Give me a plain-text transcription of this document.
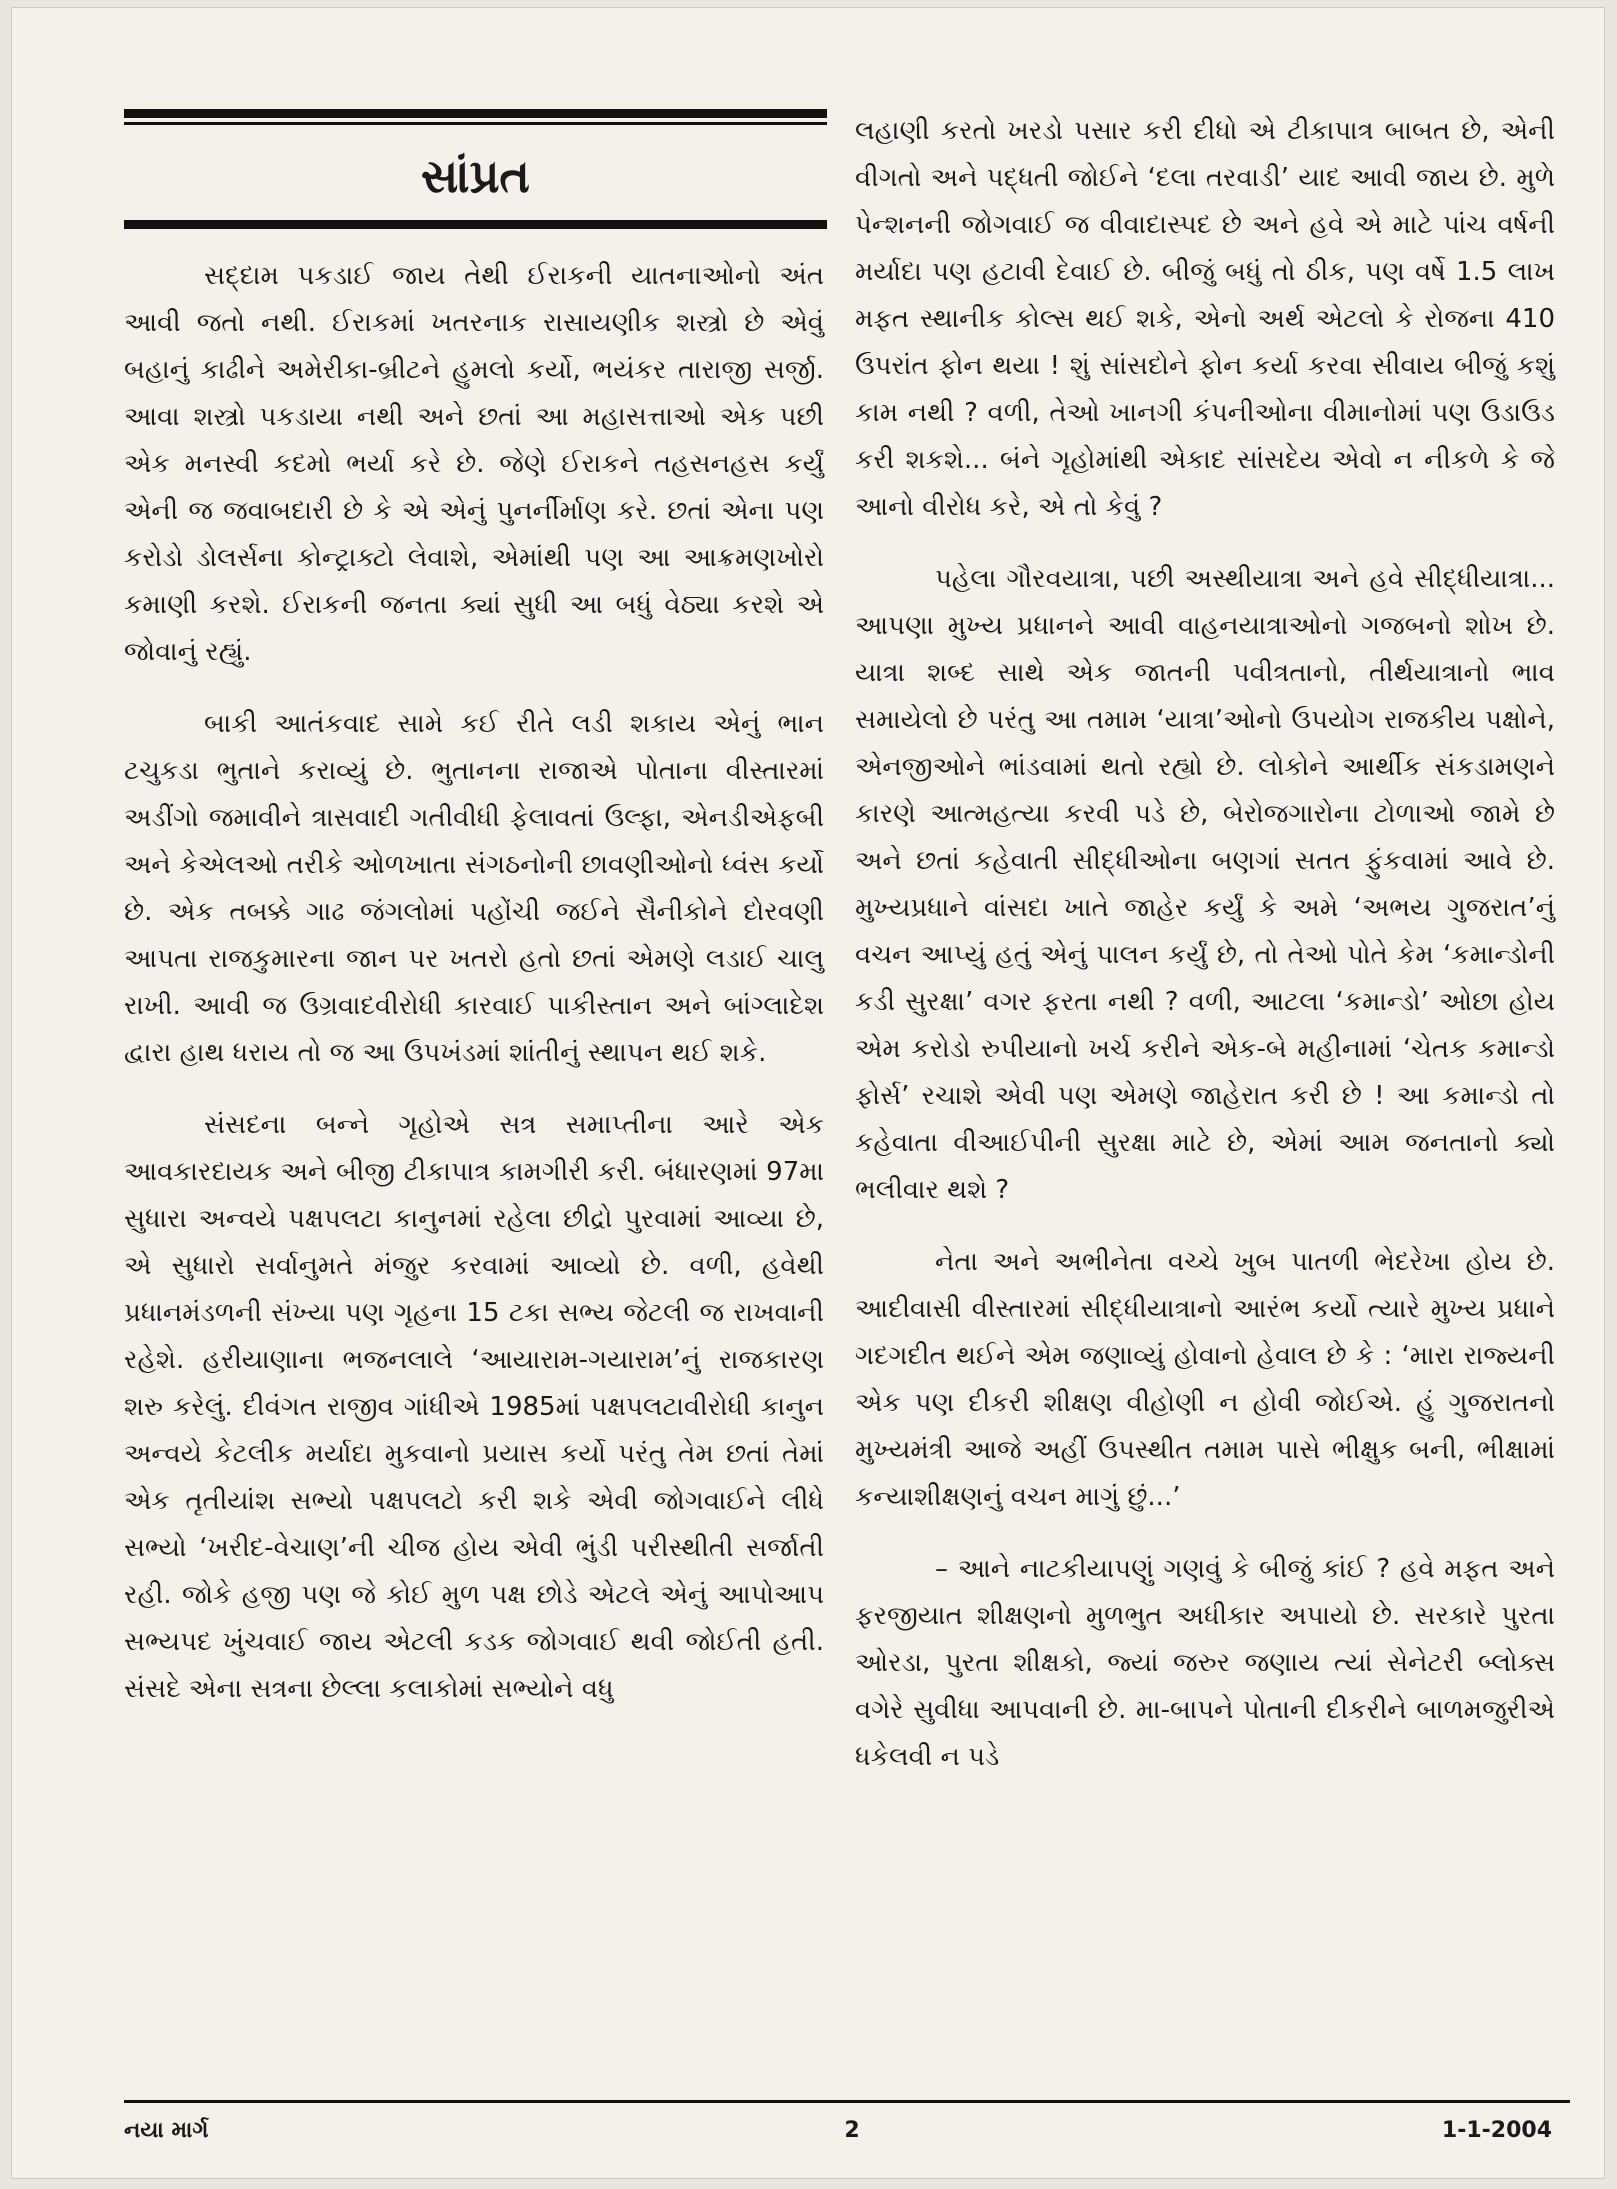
સાંપ્રત

સદ્દામ પકડાઈ જાય તેથી ઈરાકની યાતનાઓનો અંત આવી જતો નથી. ઈરાકમાં ખતરનાક રાસાયણીક શસ્ત્રો છે એવું બહાનું કાઢીને અમેરીકા-બ્રીટને હુમલો કર્યો, ભયંકર તારાજી સર્જી. આવા શસ્ત્રો પકડાયા નથી અને છતાં આ મહાસત્તાઓ એક પછી એક મનસ્વી કદમો ભર્યા કરે છે. જેણે ઈરાકને તહસનહસ કર્યું એની જ જવાબદારી છે કે એ એનું પુનર્નીર્માણ કરે. છતાં એના પણ કરોડો ડોલર્સના કોન્ટ્રાક્ટો લેવાશે, એમાંથી પણ આ આક્રમણખોરો કમાણી કરશે. ઈરાકની જનતા ક્યાં સુધી આ બધું વેઠ્યા કરશે એ જોવાનું રહ્યું.

બાકી આતંકવાદ સામે કઈ રીતે લડી શકાય એનું ભાન ટચુકડા ભુતાને કરાવ્યું છે. ભુતાનના રાજાએ પોતાના વીસ્તારમાં અડીંગો જમાવીને ત્રાસવાદી ગતીવીધી ફેલાવતાં ઉલ્ફા, એનડીએફબી અને કેએલઓ તરીકે ઓળખાતા સંગઠનોની છાવણીઓનો ધ્વંસ કર્યો છે. એક તબક્કે ગાઢ જંગલોમાં પહોંચી જઈને સૈનીકોને દોરવણી આપતા રાજકુમારના જાન પર ખતરો હતો છતાં એમણે લડાઈ ચાલુ રાખી. આવી જ ઉગ્રવાદવીરોધી કારવાઈ પાકીસ્તાન અને બાંગ્લાદેશ દ્વારા હાથ ધરાય તો જ આ ઉપખંડમાં શાંતીનું સ્થાપન થઈ શકે.

સંસદના બન્ને ગૃહોએ સત્ર સમાપ્તીના આરે એક આવકારદાયક અને બીજી ટીકાપાત્ર કામગીરી કરી. બંધારણમાં 97મા સુધારા અન્વયે પક્ષપલટા કાનુનમાં રહેલા છીદ્રો પુરવામાં આવ્યા છે, એ સુધારો સર્વાનુમતે મંજુર કરવામાં આવ્યો છે. વળી, હવેથી પ્રધાનમંડળની સંખ્યા પણ ગૃહના 15 ટકા સભ્ય જેટલી જ રાખવાની રહેશે. હરીયાણાના ભજનલાલે ‘આયારામ-ગયારામ’નું રાજકારણ શરુ કરેલું. દીવંગત રાજીવ ગાંધીએ 1985માં પક્ષપલટાવીરોધી કાનુન અન્વયે કેટલીક મર્યાદા મુકવાનો પ્રયાસ કર્યો પરંતુ તેમ છતાં તેમાં એક તૃતીયાંશ સભ્યો પક્ષપલટો કરી શકે એવી જોગવાઈને લીધે સભ્યો ‘ખરીદ-વેચાણ’ની ચીજ હોય એવી ભુંડી પરીસ્થીતી સર્જાતી રહી. જોકે હજી પણ જે કોઈ મુળ પક્ષ છોડે એટલે એનું આપોઆપ સભ્યપદ ખુંચવાઈ જાય એટલી કડક જોગવાઈ થવી જોઈતી હતી. સંસદે એના સત્રના છેલ્લા કલાકોમાં સભ્યોને વધુ

લહાણી કરતો ખરડો પસાર કરી દીધો એ ટીકાપાત્ર બાબત છે, એની વીગતો અને પદ્ધતી જોઈને ‘દલા તરવાડી’ યાદ આવી જાય છે. મુળે પેન્શનની જોગવાઈ જ વીવાદાસ્પદ છે અને હવે એ માટે પાંચ વર્ષની મર્યાદા પણ હટાવી દેવાઈ છે. બીજું બધું તો ઠીક, પણ વર્ષે 1.5 લાખ મફત સ્થાનીક કોલ્સ થઈ શકે, એનો અર્થ એટલો કે રોજના 410 ઉપરાંત ફોન થયા ! શું સાંસદોને ફોન કર્યા કરવા સીવાય બીજું કશું કામ નથી ? વળી, તેઓ ખાનગી કંપનીઓના વીમાનોમાં પણ ઉડાઉડ કરી શકશે... બંને ગૃહોમાંથી એકાદ સાંસદેય એવો ન નીકળે કે જે આનો વીરોધ કરે, એ તો કેવું ?

પહેલા ગૌરવયાત્રા, પછી અસ્થીયાત્રા અને હવે સીદ્ધીયાત્રા... આપણા મુખ્ય પ્રધાનને આવી વાહનયાત્રાઓનો ગજબનો શોખ છે. યાત્રા શબ્દ સાથે એક જાતની પવીત્રતાનો, તીર્થયાત્રાનો ભાવ સમાયેલો છે પરંતુ આ તમામ ‘યાત્રા’ઓનો ઉપયોગ રાજકીય પક્ષોને, એનજીઓને ભાંડવામાં થતો રહ્યો છે. લોકોને આર્થીક સંકડામણને કારણે આત્મહત્યા કરવી પડે છે, બેરોજગારોના ટોળાઓ જામે છે અને છતાં કહેવાતી સીદ્ધીઓના બણગાં સતત ફુંકવામાં આવે છે. મુખ્યપ્રધાને વાંસદા ખાતે જાહેર કર્યું કે અમે ‘અભય ગુજરાત’નું વચન આપ્યું હતું એનું પાલન કર્યું છે, તો તેઓ પોતે કેમ ‘કમાન્ડોની કડી સુરક્ષા’ વગર ફરતા નથી ? વળી, આટલા ‘કમાન્ડો’ ઓછા હોય એમ કરોડો રુપીયાનો ખર્ચ કરીને એક-બે મહીનામાં ‘ચેતક કમાન્ડો ફોર્સ’ રચાશે એવી પણ એમણે જાહેરાત કરી છે ! આ કમાન્ડો તો કહેવાતા વીઆઈપીની સુરક્ષા માટે છે, એમાં આમ જનતાનો ક્યો ભલીવાર થશે ?

નેતા અને અભીનેતા વચ્ચે ખુબ પાતળી ભેદરેખા હોય છે. આદીવાસી વીસ્તારમાં સીદ્ધીયાત્રાનો આરંભ કર્યો ત્યારે મુખ્ય પ્રધાને ગદગદીત થઈને એમ જણાવ્યું હોવાનો હેવાલ છે કે : ‘મારા રાજ્યની એક પણ દીકરી શીક્ષણ વીહોણી ન હોવી જોઈએ. હું ગુજરાતનો મુખ્યમંત્રી આજે અહીં ઉપસ્થીત તમામ પાસે ભીક્ષુક બની, ભીક્ષામાં કન્યાશીક્ષણનું વચન માગું છું...’

– આને નાટકીયાપણું ગણવું કે બીજું કાંઈ ? હવે મફત અને ફરજીયાત શીક્ષણનો મુળભુત અધીકાર અપાયો છે. સરકારે પુરતા ઓરડા, પુરતા શીક્ષકો, જ્યાં જરુર જણાય ત્યાં સેનેટરી બ્લોક્સ વગેરે સુવીધા આપવાની છે. મા-બાપને પોતાની દીકરીને બાળમજુરીએ ધકેલવી ન પડે

નયા માર્ગ	2	1-1-2004
